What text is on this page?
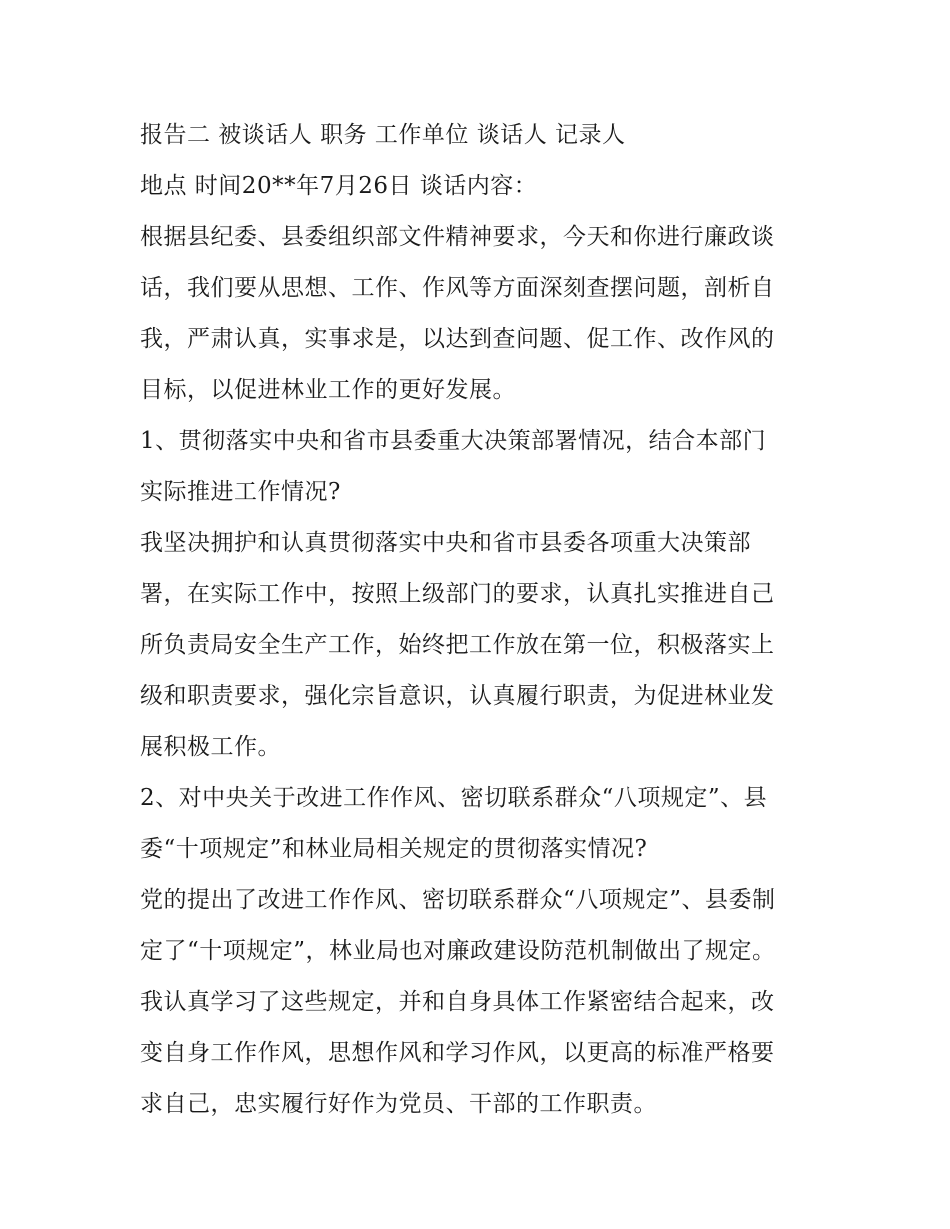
报告二 被谈话人 职务 工作单位 谈话人 记录人
地点 时间20**年7月26日 谈话内容：
根据县纪委、县委组织部文件精神要求，今天和你进行廉政谈
话，我们要从思想、工作、作风等方面深刻查摆问题，剖析自
我，严肃认真，实事求是，以达到查问题、促工作、改作风的
目标，以促进林业工作的更好发展。
1、贯彻落实中央和省市县委重大决策部署情况，结合本部门
实际推进工作情况?
我坚决拥护和认真贯彻落实中央和省市县委各项重大决策部
署，在实际工作中，按照上级部门的要求，认真扎实推进自己
所负责局安全生产工作，始终把工作放在第一位，积极落实上
级和职责要求，强化宗旨意识，认真履行职责，为促进林业发
展积极工作。
2、对中央关于改进工作作风、密切联系群众“八项规定”、县
委“十项规定”和林业局相关规定的贯彻落实情况?
党的提出了改进工作作风、密切联系群众“八项规定”、县委制
定了“十项规定”，林业局也对廉政建设防范机制做出了规定。
我认真学习了这些规定，并和自身具体工作紧密结合起来，改
变自身工作作风，思想作风和学习作风，以更高的标准严格要
求自己，忠实履行好作为党员、干部的工作职责。
